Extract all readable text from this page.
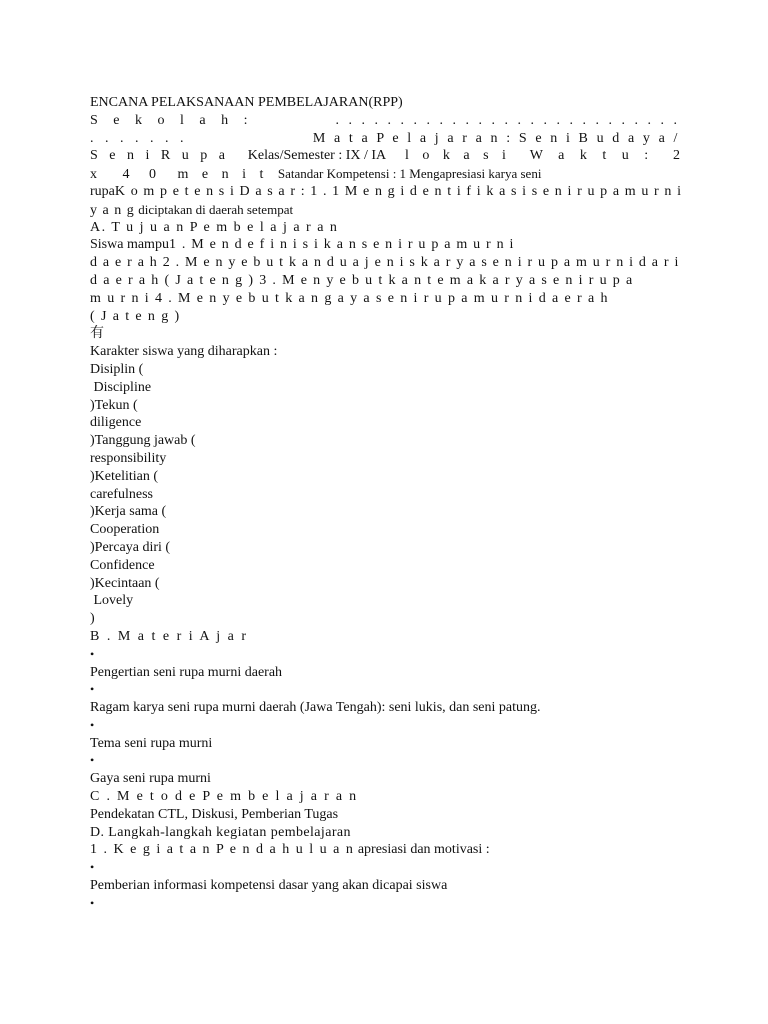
ENCANA PELAKSANAAN PEMBELAJARAN(RPP)
S e k o l a h :	. . . . . . . . . . . . . . . . . . . . . . . . . . .
. . . . . . .	M a t a P e l a j a r a n : S e n i B u d a y a /
S e n i R u p a Kelas/Semester : IX / IA l o k a s i W a k t u : 2
x 4 0 m e n i t Satandar Kompetensi : 1 Mengapresiasi karya seni
rupaK o m p e t e n s i D a s a r : 1 . 1 M e n g i d e n t i f i k a s i s e n i r u p a m u r n i
y a n g diciptakan di daerah setempat
A. T u j u a n P e m b e l a j a r a n
Siswa mampu1 . M e n d e f i n i s i k a n s e n i r u p a m u r n i
d a e r a h 2 . M e n y e b u t k a n d u a j e n i s k a r y a s e n i r u p a m u r n i d a r i
d a e r a h ( J a t e n g ) 3 . M e n y e b u t k a n t e m a k a r y a s e n i r u p a
m u r n i 4 . M e n y e b u t k a n g a y a s e n i r u p a m u r n i d a e r a h
( J a t e n g )
有
Karakter siswa yang diharapkan :
Disiplin (
Discipline
)Tekun (
diligence
)Tanggung jawab (
responsibility
)Ketelitian (
carefulness
)Kerja sama (
Cooperation
)Percaya diri (
Confidence
)Kecintaan (
Lovely
)
B . M a t e r i A j a r
•
Pengertian seni rupa murni daerah
•
Ragam karya seni rupa murni daerah (Jawa Tengah): seni lukis, dan seni patung.
•
Tema seni rupa murni
•
Gaya seni rupa murni
C . M e t o d e P e m b e l a j a r a n
Pendekatan CTL, Diskusi, Pemberian Tugas
D. Langkah-langkah kegiatan pembelajaran
1 . K e g i a t a n P e n d a h u l u a n apresiasi dan motivasi :
•
Pemberian informasi kompetensi dasar yang akan dicapai siswa
•
